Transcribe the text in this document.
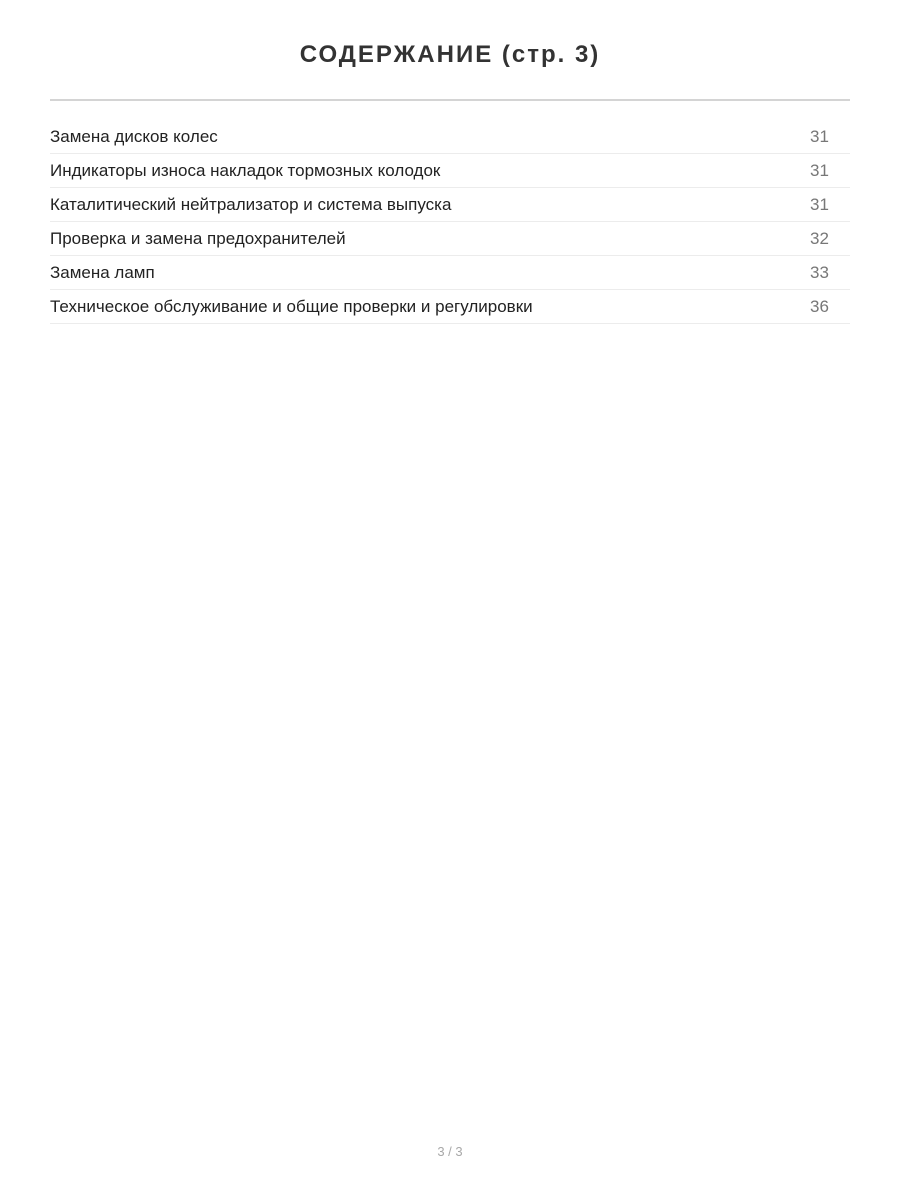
СОДЕРЖАНИЕ (стр. 3)
Замена дисков колес	31
Индикаторы износа накладок тормозных колодок	31
Каталитический нейтрализатор и система выпуска	31
Проверка и замена предохранителей	32
Замена ламп	33
Техническое обслуживание и общие проверки и регулировки	36
3 / 3
